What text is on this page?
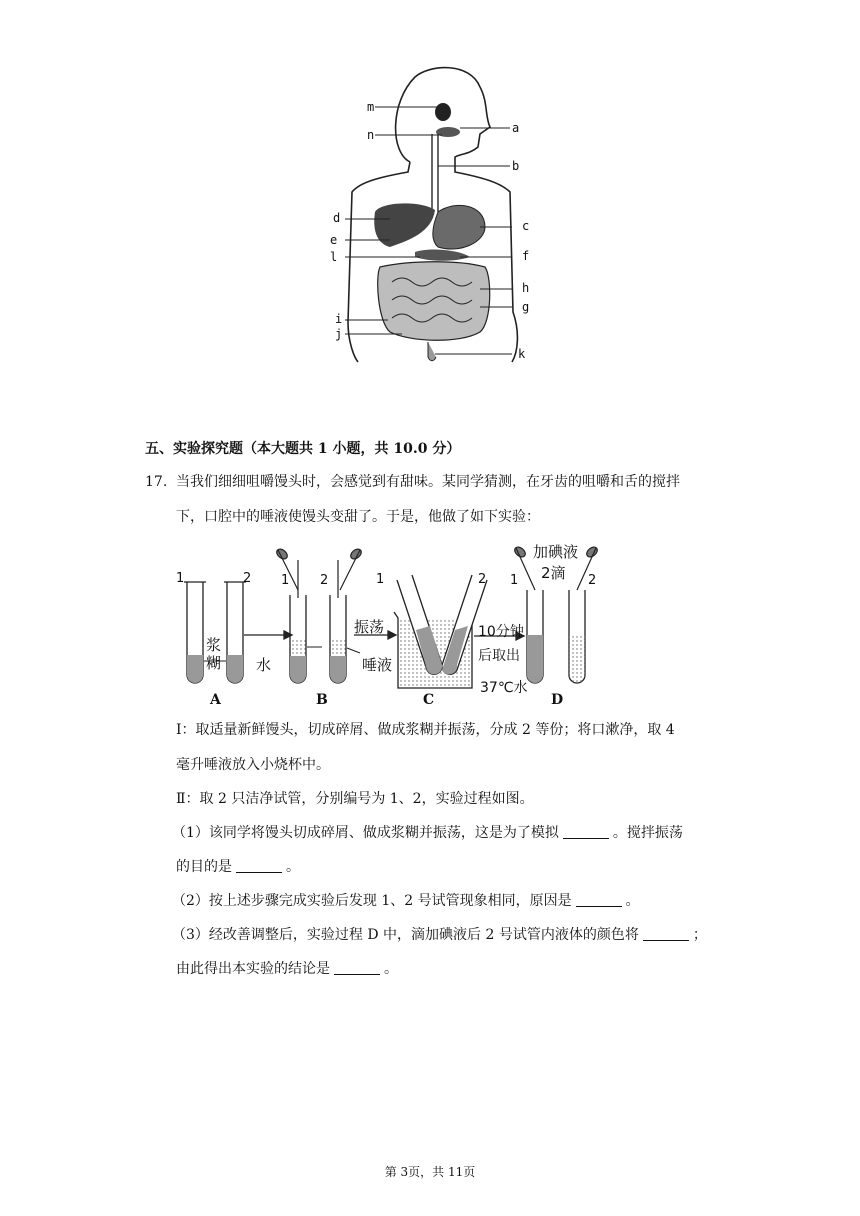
m
n	a
b
c
d
e
l	f
h
g
i
j
k
五、实验探究题（本大题共 1 小题，共 10.0 分）
17. 当我们细细咀嚼馒头时，会感觉到有甜味。某同学猜测，在牙齿的咀嚼和舌的搅拌
下，口腔中的唾液使馒头变甜了。于是，他做了如下实验：
1	2 1 2	1	2 1	2
浆
糊	水	唾液
振荡	10分钟
后取出
37℃水
加碘液
2滴
A	B	C	D
Ⅰ：取适量新鲜馒头，切成碎屑、做成浆糊并振荡，分成 2 等份；将口漱净，取 4
毫升唾液放入小烧杯中。
Ⅱ：取 2 只洁净试管，分别编号为 1、2，实验过程如图。
（1）该同学将馒头切成碎屑、做成浆糊并振荡，这是为了模拟	。搅拌振荡
的目的是	。
（2）按上述步骤完成实验后发现 1、2 号试管现象相同，原因是	。
（3）经改善调整后，实验过程 D 中，滴加碘液后 2 号试管内液体的颜色将	；
由此得出本实验的结论是	。
第 3页，共 11页
